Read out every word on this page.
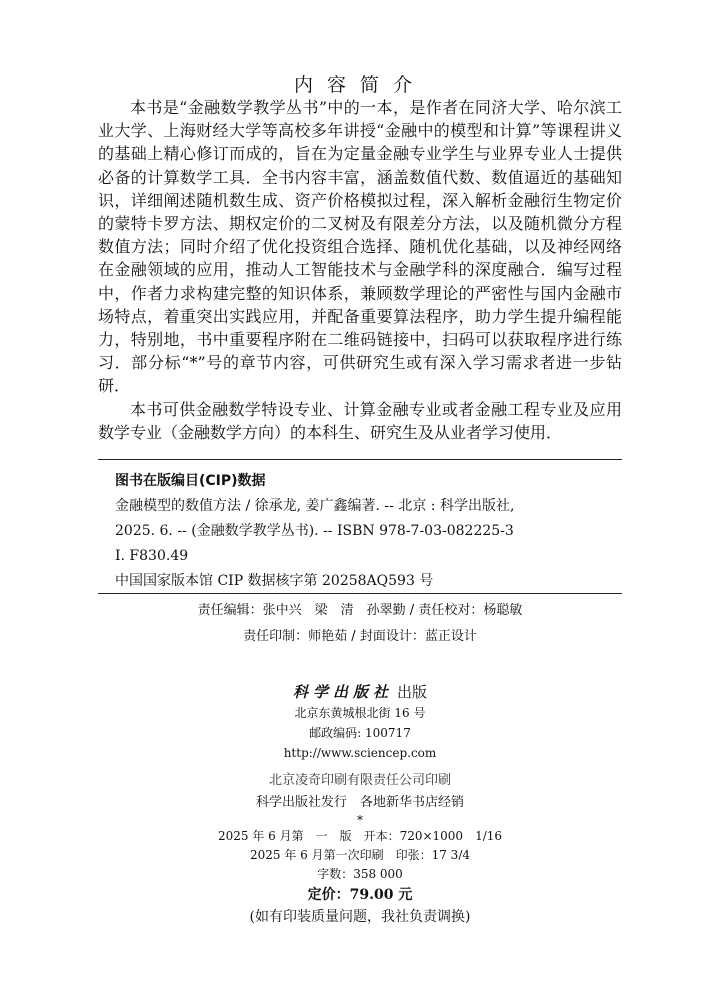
内容简介

本书是“金融数学教学丛书”中的一本，是作者在同济大学、哈尔滨工业大学、上海财经大学等高校多年讲授“金融中的模型和计算”等课程讲义的基础上精心修订而成的，旨在为定量金融专业学生与业界专业人士提供必备的计算数学工具．全书内容丰富，涵盖数值代数、数值逼近的基础知识，详细阐述随机数生成、资产价格模拟过程，深入解析金融衍生物定价的蒙特卡罗方法、期权定价的二叉树及有限差分方法，以及随机微分方程数值方法；同时介绍了优化投资组合选择、随机优化基础，以及神经网络在金融领域的应用，推动人工智能技术与金融学科的深度融合．编写过程中，作者力求构建完整的知识体系，兼顾数学理论的严密性与国内金融市场特点，着重突出实践应用，并配备重要算法程序，助力学生提升编程能力，特别地，书中重要程序附在二维码链接中，扫码可以获取程序进行练习．部分标“*”号的章节内容，可供研究生或有深入学习需求者进一步钻研．

本书可供金融数学特设专业、计算金融专业或者金融工程专业及应用数学专业（金融数学方向）的本科生、研究生及从业者学习使用．

图书在版编目(CIP)数据
金融模型的数值方法 / 徐承龙, 姜广鑫编著. -- 北京 : 科学出版社,
2025. 6. -- (金融数学教学丛书). -- ISBN 978-7-03-082225-3
I. F830.49
中国国家版本馆 CIP 数据核字第 20258AQ593 号
责任编辑：张中兴　梁　清　孙翠勤 / 责任校对：杨聪敏
责任印制：师艳茹 / 封面设计：蓝正设计
科学出版社 出版
北京东黄城根北街 16 号
邮政编码: 100717
http://www.sciencep.com
北京凌奇印刷有限责任公司印刷
科学出版社发行　各地新华书店经销
*
2025 年 6 月第　一　版　开本：720×1000　1/16
2025 年 6 月第一次印刷　印张：17 3/4
字数：358 000
定价：79.00 元
(如有印装质量问题，我社负责调换)
